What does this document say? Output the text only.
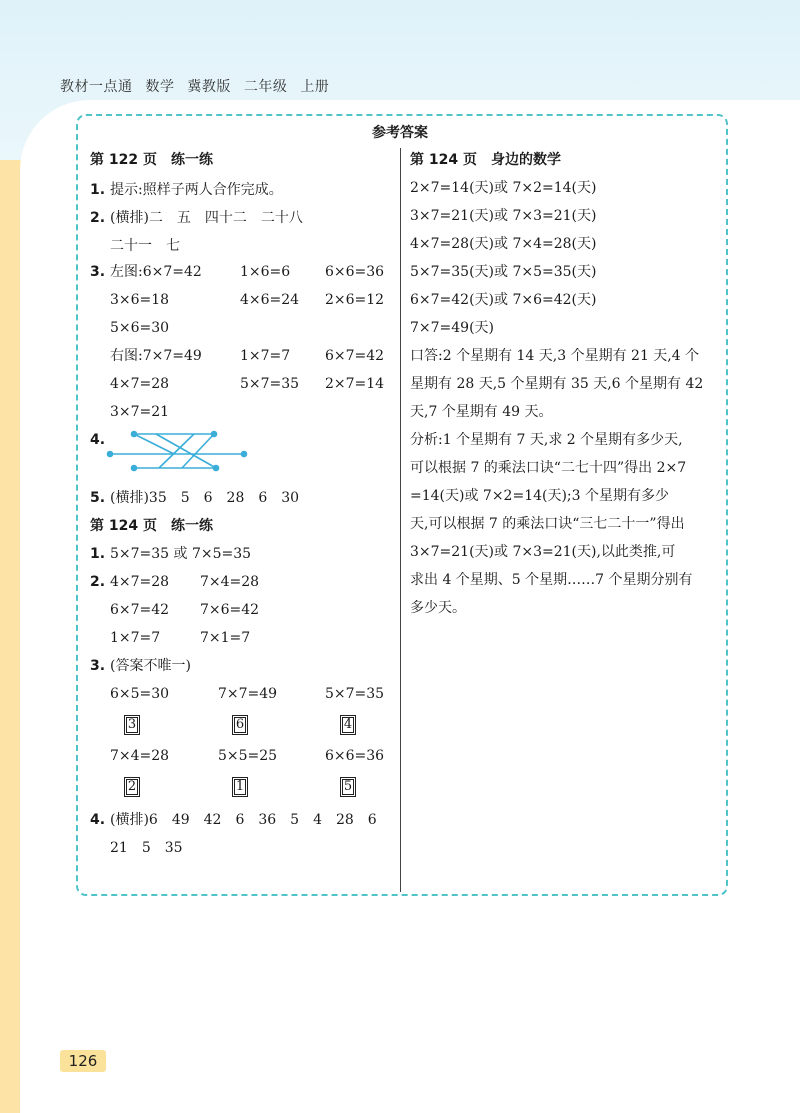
教材一点通 数学 冀教版 二年级 上册
参考答案
第 122 页　练一练
1. 提示:照样子两人合作完成。
2. (横排)二　五　四十二　二十八
二十一　七
3. 左图:6×7=42	1×6=6 6×6=36
3×6=18	4×6=24 2×6=12
5×6=30
右图:7×7=49	1×7=7 6×7=42
4×7=28	5×7=35 2×7=14
3×7=21
4.
5. (横排)35　5　6　28　6　30
第 124 页　练一练
1. 5×7=35 或 7×5=35
2. 4×7=28 7×4=28
6×7=42 7×6=42
1×7=7	7×1=7
3. (答案不唯一)
6×5=30	7×7=49	5×7=35
3	6	4
7×4=28	5×5=25	6×6=36
2	1	5
4. (横排)6　49　42　6　36　5　4　28　6
21　5　35
第 124 页　身边的数学
2×7=14(天)或 7×2=14(天)
3×7=21(天)或 7×3=21(天)
4×7=28(天)或 7×4=28(天)
5×7=35(天)或 7×5=35(天)
6×7=42(天)或 7×6=42(天)
7×7=49(天)
口答:2 个星期有 14 天,3 个星期有 21 天,4 个
星期有 28 天,5 个星期有 35 天,6 个星期有 42
天,7 个星期有 49 天。
分析:1 个星期有 7 天,求 2 个星期有多少天,
可以根据 7 的乘法口诀“二七十四”得出 2×7
=14(天)或 7×2=14(天);3 个星期有多少
天,可以根据 7 的乘法口诀“三七二十一”得出
3×7=21(天)或 7×3=21(天),以此类推,可
求出 4 个星期、5 个星期……7 个星期分别有
多少天。
126
